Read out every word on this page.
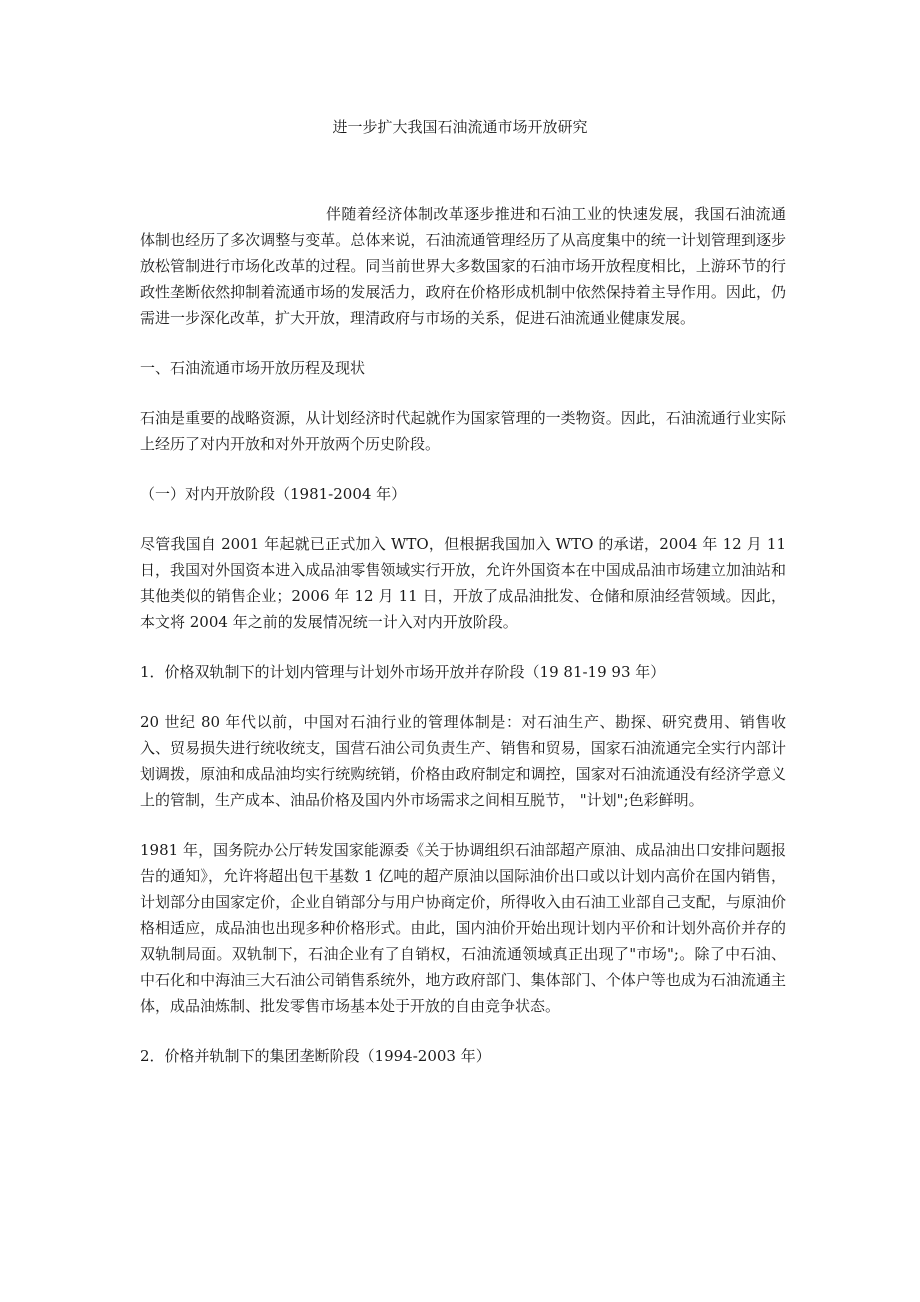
进一步扩大我国石油流通市场开放研究

伴随着经济体制改革逐步推进和石油工业的快速发展，我国石油流通体制也经历了多次调整与变革。总体来说，石油流通管理经历了从高度集中的统一计划管理到逐步放松管制进行市场化改革的过程。同当前世界大多数国家的石油市场开放程度相比，上游环节的行政性垄断依然抑制着流通市场的发展活力，政府在价格形成机制中依然保持着主导作用。因此，仍需进一步深化改革，扩大开放，理清政府与市场的关系，促进石油流通业健康发展。

一、石油流通市场开放历程及现状

石油是重要的战略资源，从计划经济时代起就作为国家管理的一类物资。因此，石油流通行业实际上经历了对内开放和对外开放两个历史阶段。

（一）对内开放阶段（1981-2004 年）

尽管我国自 2001 年起就已正式加入 WTO，但根据我国加入 WTO 的承诺，2004 年 12 月 11 日，我国对外国资本进入成品油零售领域实行开放，允许外国资本在中国成品油市场建立加油站和其他类似的销售企业；2006 年 12 月 11 日，开放了成品油批发、仓储和原油经营领域。因此，本文将 2004 年之前的发展情况统一计入对内开放阶段。

1．价格双轨制下的计划内管理与计划外市场开放并存阶段（19 81-19 93 年）

20 世纪 80 年代以前，中国对石油行业的管理体制是：对石油生产、勘探、研究费用、销售收入、贸易损失进行统收统支，国营石油公司负责生产、销售和贸易，国家石油流通完全实行内部计划调拨，原油和成品油均实行统购统销，价格由政府制定和调控，国家对石油流通没有经济学意义上的管制，生产成本、油品价格及国内外市场需求之间相互脱节， "计划";色彩鲜明。

1981 年，国务院办公厅转发国家能源委《关于协调组织石油部超产原油、成品油出口安排问题报告的通知》，允许将超出包干基数 1 亿吨的超产原油以国际油价出口或以计划内高价在国内销售，计划部分由国家定价，企业自销部分与用户协商定价，所得收入由石油工业部自己支配，与原油价格相适应，成品油也出现多种价格形式。由此，国内油价开始出现计划内平价和计划外高价并存的双轨制局面。双轨制下，石油企业有了自销权，石油流通领域真正出现了"市场";。除了中石油、中石化和中海油三大石油公司销售系统外，地方政府部门、集体部门、个体户等也成为石油流通主体，成品油炼制、批发零售市场基本处于开放的自由竞争状态。

2．价格并轨制下的集团垄断阶段（1994-2003 年）
